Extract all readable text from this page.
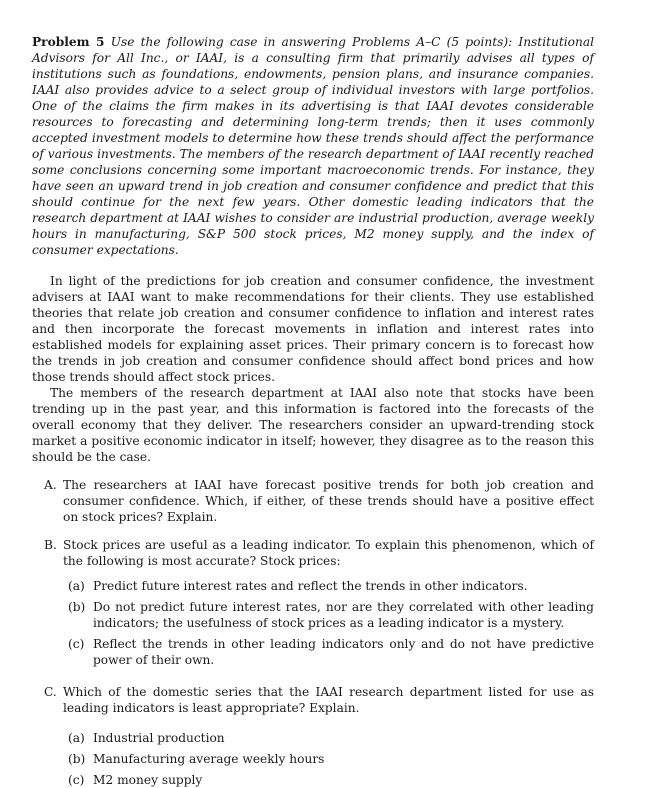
Problem 5 Use the following case in answering Problems A–C (5 points): Institutional Advisors for All Inc., or IAAI, is a consulting firm that primarily advises all types of institutions such as foundations, endowments, pension plans, and insurance companies. IAAI also provides advice to a select group of individual investors with large portfolios. One of the claims the firm makes in its advertising is that IAAI devotes considerable resources to forecasting and determining long-term trends; then it uses commonly accepted investment models to determine how these trends should affect the performance of various investments. The members of the research department of IAAI recently reached some conclusions concerning some important macroeconomic trends. For instance, they have seen an upward trend in job creation and consumer confidence and predict that this should continue for the next few years. Other domestic leading indicators that the research department at IAAI wishes to consider are industrial production, average weekly hours in manufacturing, S&P 500 stock prices, M2 money supply, and the index of consumer expectations.

In light of the predictions for job creation and consumer confidence, the investment advisers at IAAI want to make recommendations for their clients. They use established theories that relate job creation and consumer confidence to inflation and interest rates and then incorporate the forecast movements in inflation and interest rates into established models for explaining asset prices. Their primary concern is to forecast how the trends in job creation and consumer confidence should affect bond prices and how those trends should affect stock prices.

The members of the research department at IAAI also note that stocks have been trending up in the past year, and this information is factored into the forecasts of the overall economy that they deliver. The researchers consider an upward-trending stock market a positive economic indicator in itself; however, they disagree as to the reason this should be the case.

A. The researchers at IAAI have forecast positive trends for both job creation and consumer confidence. Which, if either, of these trends should have a positive effect on stock prices? Explain.
B. Stock prices are useful as a leading indicator. To explain this phenomenon, which of the following is most accurate? Stock prices:
(a) Predict future interest rates and reflect the trends in other indicators.
(b) Do not predict future interest rates, nor are they correlated with other leading indicators; the usefulness of stock prices as a leading indicator is a mystery.
(c) Reflect the trends in other leading indicators only and do not have predictive power of their own.
C. Which of the domestic series that the IAAI research department listed for use as leading indicators is least appropriate? Explain.
(a) Industrial production
(b) Manufacturing average weekly hours
(c) M2 money supply
